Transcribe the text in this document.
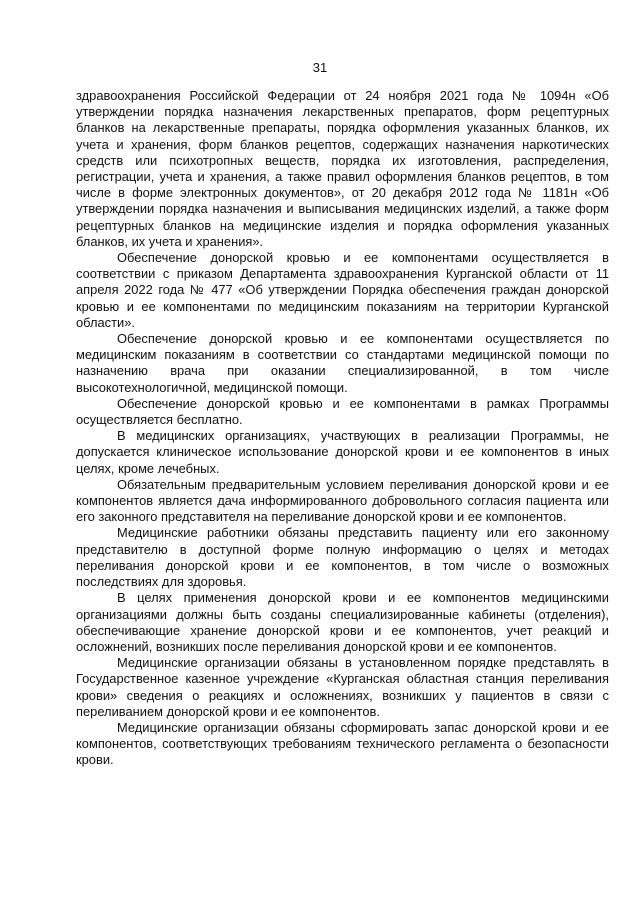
31

здравоохранения Российской Федерации от 24 ноября 2021 года № 1094н «Об утверждении порядка назначения лекарственных препаратов, форм рецептурных бланков на лекарственные препараты, порядка оформления указанных бланков, их учета и хранения, форм бланков рецептов, содержащих назначения наркотических средств или психотропных веществ, порядка их изготовления, распределения, регистрации, учета и хранения, а также правил оформления бланков рецептов, в том числе в форме электронных документов», от 20 декабря 2012 года № 1181н «Об утверждении порядка назначения и выписывания медицинских изделий, а также форм рецептурных бланков на медицинские изделия и порядка оформления указанных бланков, их учета и хранения».

Обеспечение донорской кровью и ее компонентами осуществляется в соответствии с приказом Департамента здравоохранения Курганской области от 11 апреля 2022 года № 477 «Об утверждении Порядка обеспечения граждан донорской кровью и ее компонентами по медицинским показаниям на территории Курганской области».

Обеспечение донорской кровью и ее компонентами осуществляется по медицинским показаниям в соответствии со стандартами медицинской помощи по назначению врача при оказании специализированной, в том числе высокотехнологичной, медицинской помощи.

Обеспечение донорской кровью и ее компонентами в рамках Программы осуществляется бесплатно.

В медицинских организациях, участвующих в реализации Программы, не допускается клиническое использование донорской крови и ее компонентов в иных целях, кроме лечебных.

Обязательным предварительным условием переливания донорской крови и ее компонентов является дача информированного добровольного согласия пациента или его законного представителя на переливание донорской крови и ее компонентов.

Медицинские работники обязаны представить пациенту или его законному представителю в доступной форме полную информацию о целях и методах переливания донорской крови и ее компонентов, в том числе о возможных последствиях для здоровья.

В целях применения донорской крови и ее компонентов медицинскими организациями должны быть созданы специализированные кабинеты (отделения), обеспечивающие хранение донорской крови и ее компонентов, учет реакций и осложнений, возникших после переливания донорской крови и ее компонентов.

Медицинские организации обязаны в установленном порядке представлять в Государственное казенное учреждение «Курганская областная станция переливания крови» сведения о реакциях и осложнениях, возникших у пациентов в связи с переливанием донорской крови и ее компонентов.

Медицинские организации обязаны сформировать запас донорской крови и ее компонентов, соответствующих требованиям технического регламента о безопасности крови.
